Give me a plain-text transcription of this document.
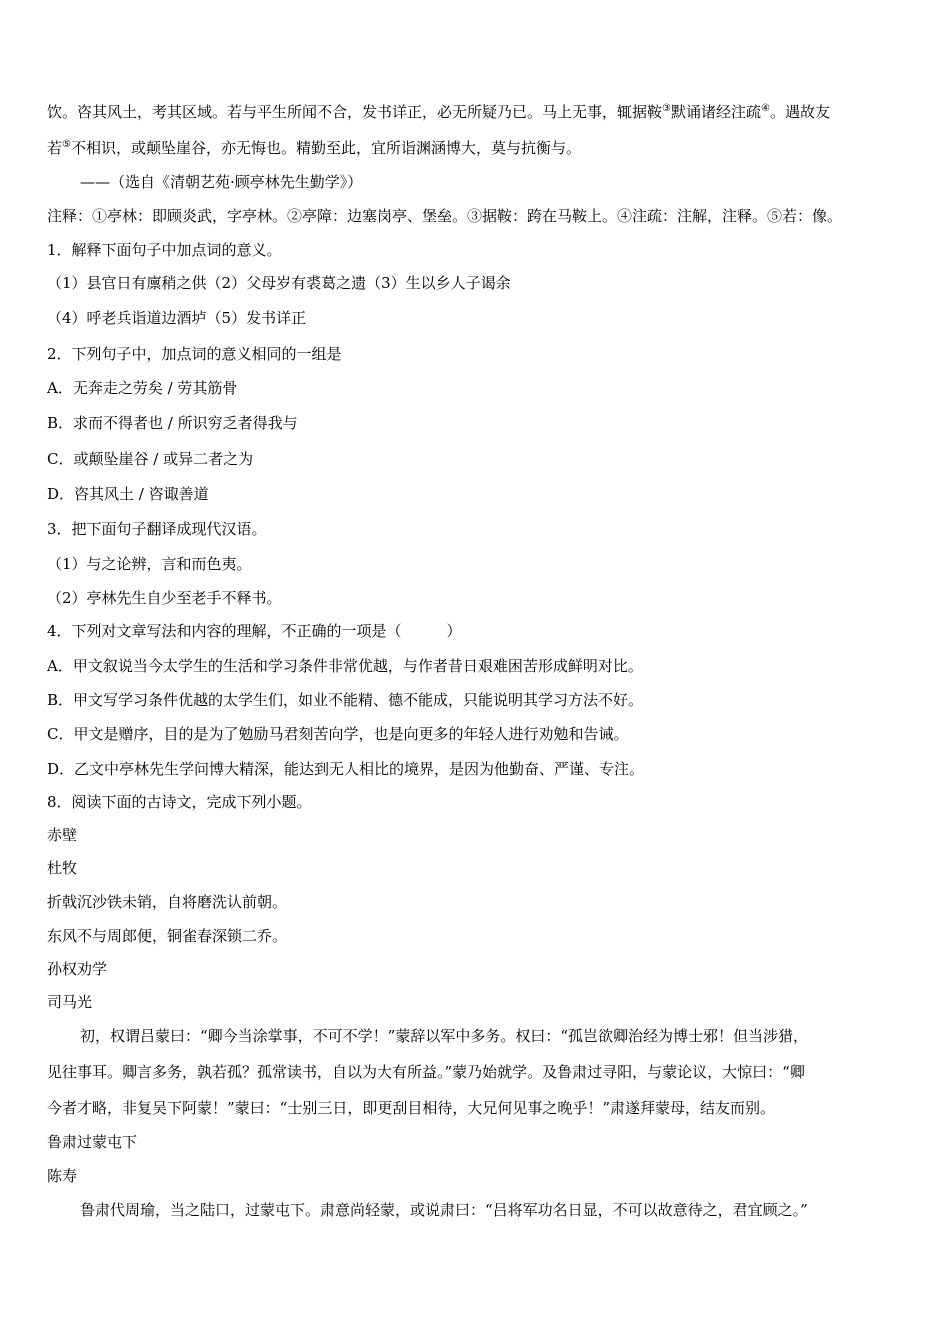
饮。咨其风土，考其区域。若与平生所闻不合，发书详正，必无所疑乃已。马上无事，辄据鞍③默诵诸经注疏④。遇故友
若⑤不相识，或颠坠崖谷，亦无悔也。精勤至此，宜所诣渊涵博大，莫与抗衡与。
——（选自《清朝艺苑·顾亭林先生勤学》）
注释：①亭林：即顾炎武，字亭林。②亭障：边塞岗亭、堡垒。③据鞍：跨在马鞍上。④注疏：注解，注释。⑤若：像。
1．解释下面句子中加点词的意义。
（1）县官日有廪稍之供（2）父母岁有裘葛之遗（3）生以乡人子谒余
（4）呼老兵诣道边酒垆（5）发书详正
2．下列句子中，加点词的意义相同的一组是
A．无奔走之劳矣 / 劳其筋骨
B．求而不得者也 / 所识穷乏者得我与
C．或颠坠崖谷 / 或异二者之为
D．咨其风土 / 咨诹善道
3．把下面句子翻译成现代汉语。
（1）与之论辨，言和而色夷。
（2）亭林先生自少至老手不释书。
4．下列对文章写法和内容的理解，不正确的一项是（　　　）
A．甲文叙说当今太学生的生活和学习条件非常优越，与作者昔日艰难困苦形成鲜明对比。
B．甲文写学习条件优越的太学生们，如业不能精、德不能成，只能说明其学习方法不好。
C．甲文是赠序，目的是为了勉励马君刻苦向学，也是向更多的年轻人进行劝勉和告诫。
D．乙文中亭林先生学问博大精深，能达到无人相比的境界，是因为他勤奋、严谨、专注。
8．阅读下面的古诗文，完成下列小题。
赤壁
杜牧
折戟沉沙铁未销，自将磨洗认前朝。
东风不与周郎便，铜雀春深锁二乔。
孙权劝学
司马光
初，权谓吕蒙曰：“卿今当涂掌事，不可不学！”蒙辞以军中多务。权曰：“孤岂欲卿治经为博士邪！但当涉猎，
见往事耳。卿言多务，孰若孤？孤常读书，自以为大有所益。”蒙乃始就学。及鲁肃过寻阳，与蒙论议，大惊曰：“卿
今者才略，非复吴下阿蒙！”蒙曰：“士别三日，即更刮目相待，大兄何见事之晚乎！”肃遂拜蒙母，结友而别。
鲁肃过蒙屯下
陈寿
鲁肃代周瑜，当之陆口，过蒙屯下。肃意尚轻蒙，或说肃曰：“吕将军功名日显，不可以故意待之，君宜顾之。”
